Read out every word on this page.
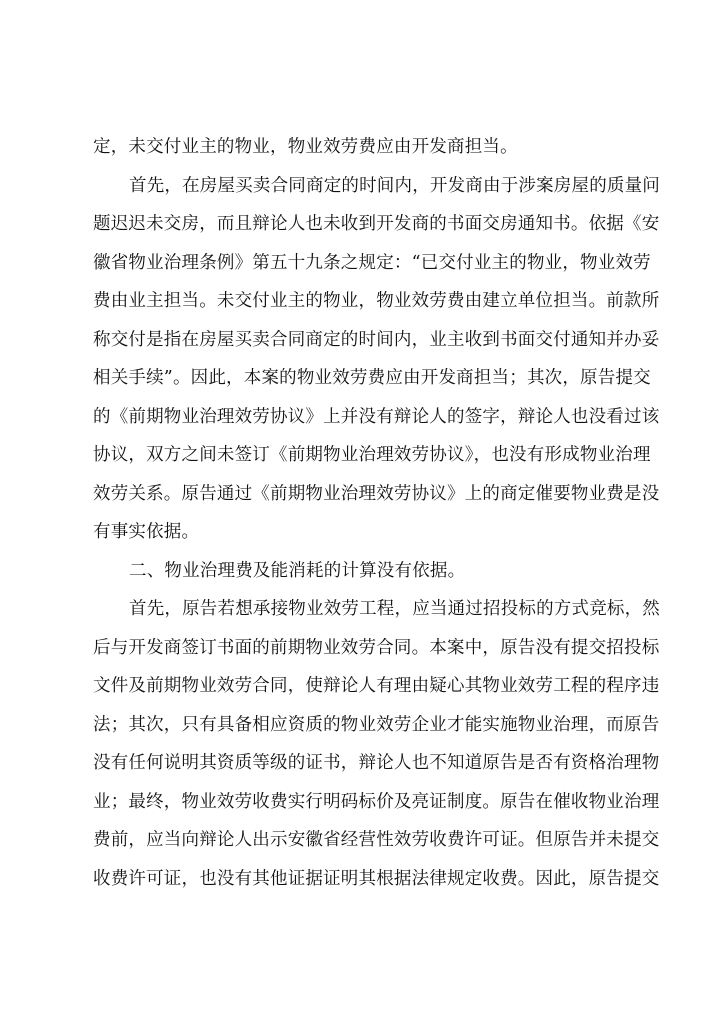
定，未交付业主的物业，物业效劳费应由开发商担当。
首先，在房屋买卖合同商定的时间内，开发商由于涉案房屋的质量问
题迟迟未交房，而且辩论人也未收到开发商的书面交房通知书。依据《安
徽省物业治理条例》第五十九条之规定：“已交付业主的物业，物业效劳
费由业主担当。未交付业主的物业，物业效劳费由建立单位担当。前款所
称交付是指在房屋买卖合同商定的时间内，业主收到书面交付通知并办妥
相关手续”。因此，本案的物业效劳费应由开发商担当；其次，原告提交
的《前期物业治理效劳协议》上并没有辩论人的签字，辩论人也没看过该
协议，双方之间未签订《前期物业治理效劳协议》，也没有形成物业治理
效劳关系。原告通过《前期物业治理效劳协议》上的商定催要物业费是没
有事实依据。
二、物业治理费及能消耗的计算没有依据。
首先，原告若想承接物业效劳工程，应当通过招投标的方式竞标，然
后与开发商签订书面的前期物业效劳合同。本案中，原告没有提交招投标
文件及前期物业效劳合同，使辩论人有理由疑心其物业效劳工程的程序违
法；其次，只有具备相应资质的物业效劳企业才能实施物业治理，而原告
没有任何说明其资质等级的证书，辩论人也不知道原告是否有资格治理物
业；最终，物业效劳收费实行明码标价及亮证制度。原告在催收物业治理
费前，应当向辩论人出示安徽省经营性效劳收费许可证。但原告并未提交
收费许可证，也没有其他证据证明其根据法律规定收费。因此，原告提交
